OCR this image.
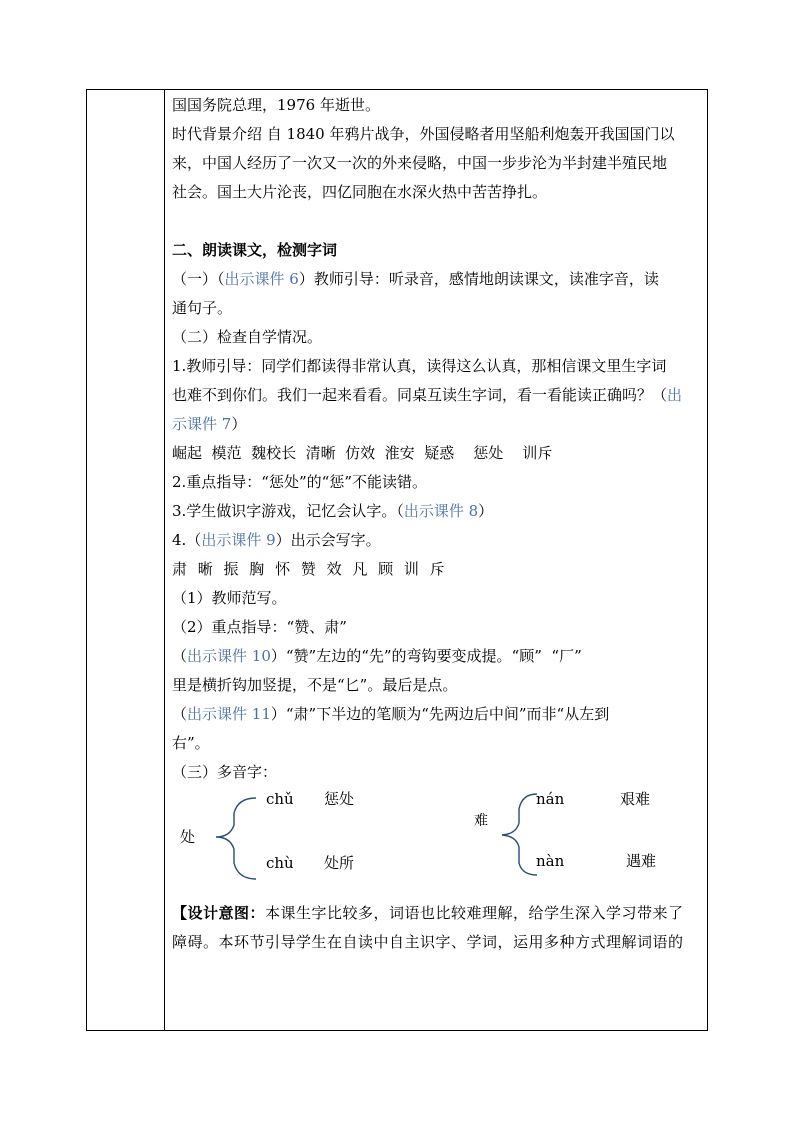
国国务院总理，1976 年逝世。
时代背景介绍 自 1840 年鸦片战争，外国侵略者用坚船利炮轰开我国国门以
来，中国人经历了一次又一次的外来侵略，中国一步步沦为半封建半殖民地
社会。国土大片沦丧，四亿同胞在水深火热中苦苦挣扎。
二、朗读课文，检测字词
（一）（出示课件 6）教师引导：听录音，感情地朗读课文，读准字音，读
通句子。
（二）检查自学情况。
1.教师引导：同学们都读得非常认真，读得这么认真，那相信课文里生字词
也难不到你们。我们一起来看看。同桌互读生字词，看一看能读正确吗？（出
示课件 7）
崛起  模范  魏校长  清晰  仿效  淮安  疑惑    惩处    训斥
2.重点指导：“惩处”的“惩”不能读错。
3.学生做识字游戏，记忆会认字。（出示课件 8）
4.（出示课件 9）出示会写字。
肃 晰 振 胸 怀 赞 效 凡 顾 训 斥
（1）教师范写。
（2）重点指导：“赞、肃”
（出示课件 10）“赞”左边的“先”的弯钩要变成提。“顾”  “厂”
里是横折钩加竖提，不是“匕”。最后是点。
（出示课件 11）“肃”下半边的笔顺为“先两边后中间”而非“从左到
右”。
（三）多音字：
处
chǔ 惩处
chù 处所
难
nán	艰难
nàn	遇难
【设计意图：本课生字比较多，词语也比较难理解，给学生深入学习带来了
障碍。本环节引导学生在自读中自主识字、学词，运用多种方式理解词语的
